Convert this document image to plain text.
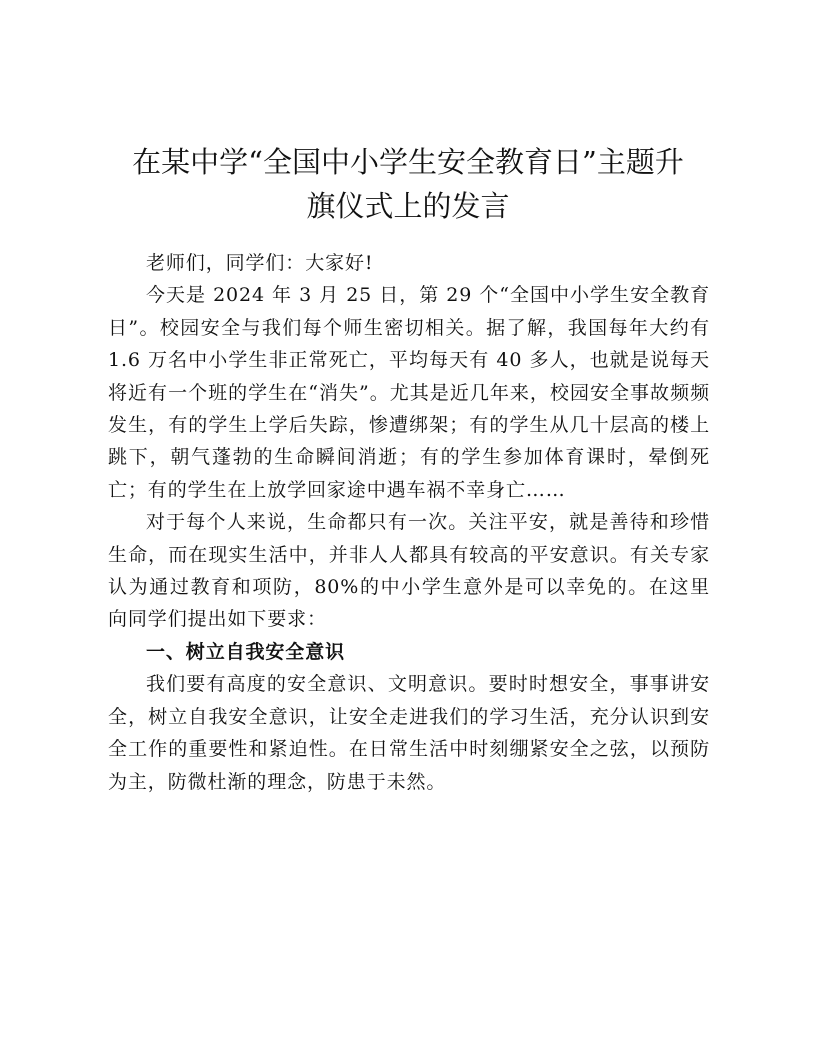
在某中学“全国中小学生安全教育日”主题升
旗仪式上的发言

老师们，同学们：大家好!

今天是 2024 年 3 月 25 日，第 29 个“全国中小学生安全教育日”。校园安全与我们每个师生密切相关。据了解，我国每年大约有 1.6 万名中小学生非正常死亡，平均每天有 40 多人，也就是说每天将近有一个班的学生在“消失”。尤其是近几年来，校园安全事故频频发生，有的学生上学后失踪，惨遭绑架；有的学生从几十层高的楼上跳下，朝气蓬勃的生命瞬间消逝；有的学生参加体育课时，晕倒死亡；有的学生在上放学回家途中遇车祸不幸身亡……

对于每个人来说，生命都只有一次。关注平安，就是善待和珍惜生命，而在现实生活中，并非人人都具有较高的平安意识。有关专家认为通过教育和项防，80%的中小学生意外是可以幸免的。在这里向同学们提出如下要求：

一、树立自我安全意识

我们要有高度的安全意识、文明意识。要时时想安全，事事讲安全，树立自我安全意识，让安全走进我们的学习生活，充分认识到安全工作的重要性和紧迫性。在日常生活中时刻绷紧安全之弦，以预防为主，防微杜渐的理念，防患于未然。
